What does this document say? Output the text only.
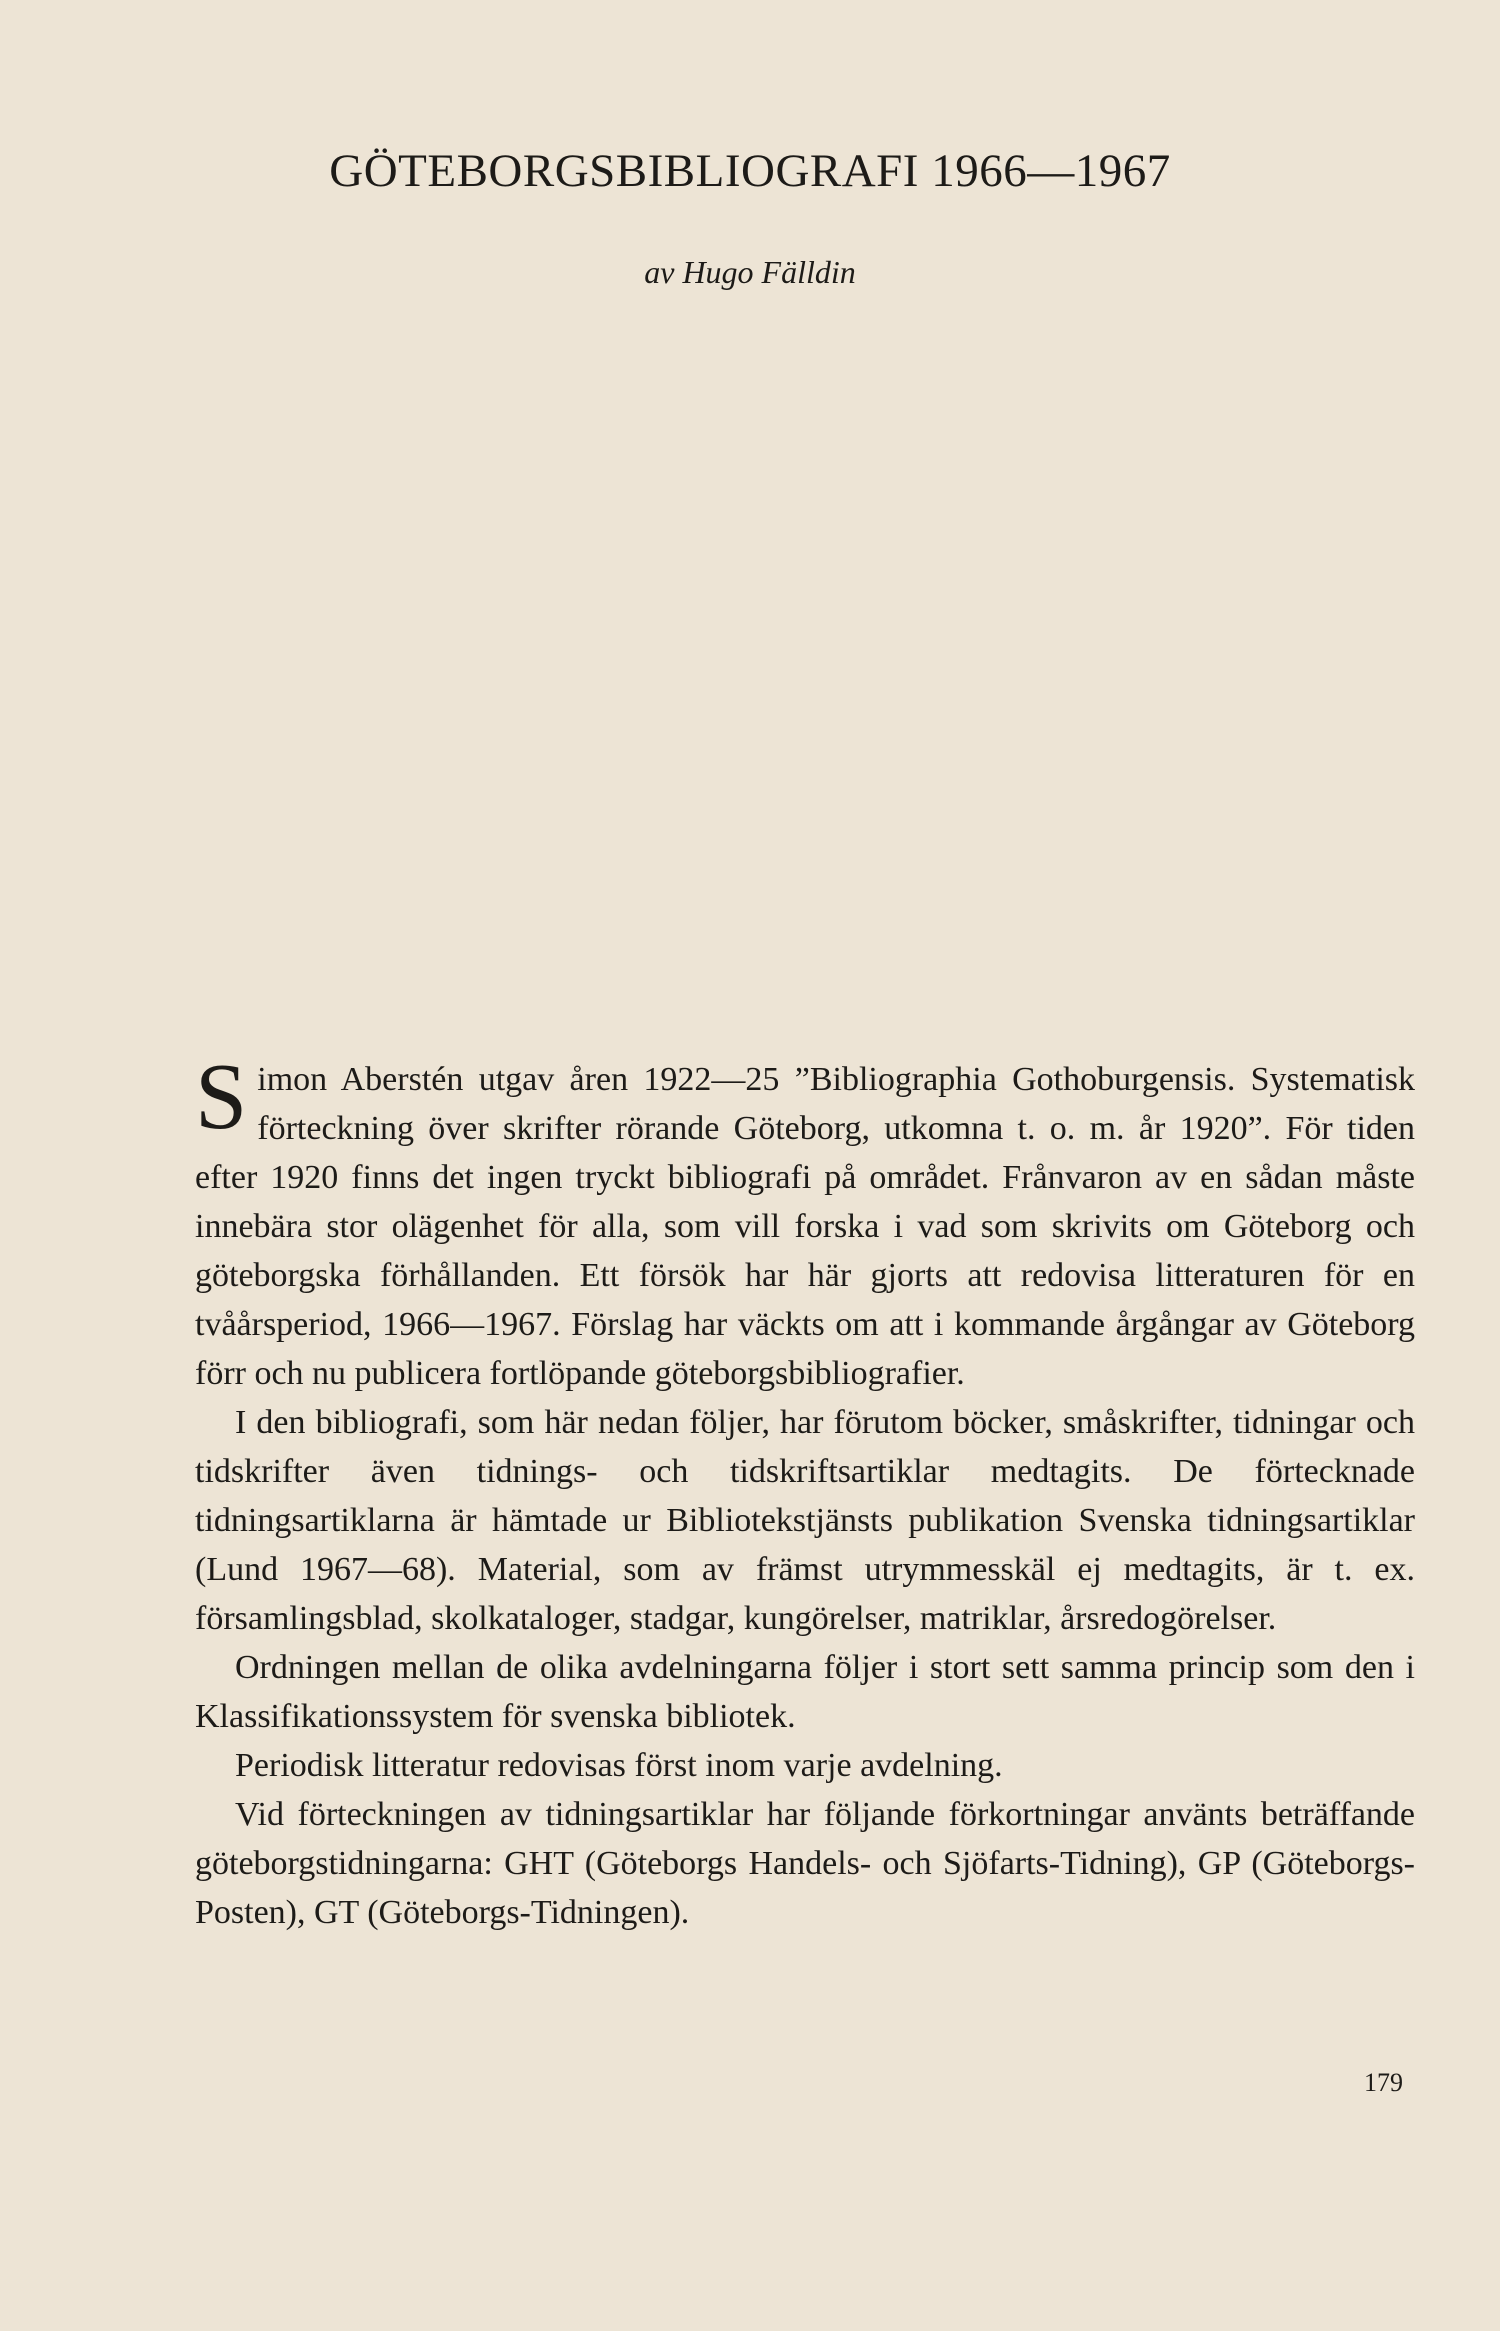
GÖTEBORGSBIBLIOGRAFI 1966—1967
av Hugo Fälldin

Simon Aberstén utgav åren 1922—25 ”Bibliographia Gothoburgensis. Systematisk förteckning över skrifter rörande Göteborg, utkomna t. o. m. år 1920”. För tiden efter 1920 finns det ingen tryckt bibliografi på området. Frånvaron av en sådan måste innebära stor olägenhet för alla, som vill forska i vad som skrivits om Göteborg och göteborgska förhållanden. Ett försök har här gjorts att redovisa litteraturen för en tvåårsperiod, 1966—1967. Förslag har väckts om att i kommande årgångar av Göteborg förr och nu publicera fortlöpande göteborgsbibliografier.

I den bibliografi, som här nedan följer, har förutom böcker, småskrifter, tidningar och tidskrifter även tidnings- och tidskriftsartiklar medtagits. De förtecknade tidningsartiklarna är hämtade ur Bibliotekstjänsts publikation Svenska tidningsartiklar (Lund 1967—68). Material, som av främst utrymmesskäl ej medtagits, är t. ex. församlingsblad, skolkataloger, stadgar, kungörelser, matriklar, årsredogörelser.

Ordningen mellan de olika avdelningarna följer i stort sett samma princip som den i Klassifikationssystem för svenska bibliotek.

Periodisk litteratur redovisas först inom varje avdelning.

Vid förteckningen av tidningsartiklar har följande förkortningar använts beträffande göteborgstidningarna: GHT (Göteborgs Handels- och Sjöfarts-Tidning), GP (Göteborgs-Posten), GT (Göteborgs-Tidningen).

179
